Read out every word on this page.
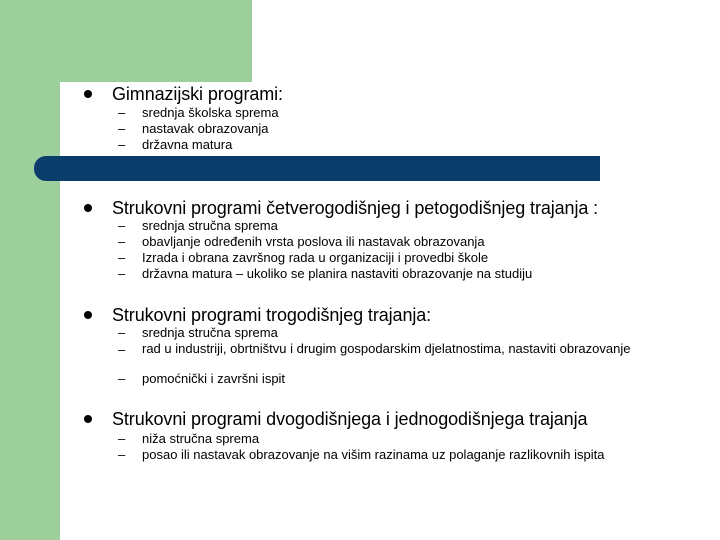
Gimnazijski programi:
– srednja školska sprema
– nastavak obrazovanja
– državna matura
Strukovni programi četverogodišnjeg i petogodišnjeg trajanja :
– srednja stručna sprema
– obavljanje određenih vrsta poslova ili nastavak obrazovanja
– Izrada i obrana završnog rada u organizaciji i provedbi škole
– državna matura – ukoliko se planira nastaviti obrazovanje na studiju
Strukovni programi trogodišnjeg trajanja:
– srednja stručna sprema
– rad u industriji, obrtništvu i drugim gospodarskim djelatnostima, nastaviti obrazovanje
– pomoćnički i završni ispit
Strukovni programi dvogodišnjega i jednogodišnjega trajanja
– niža stručna sprema
– posao ili nastavak obrazovanje na višim razinama uz polaganje razlikovnih ispita
